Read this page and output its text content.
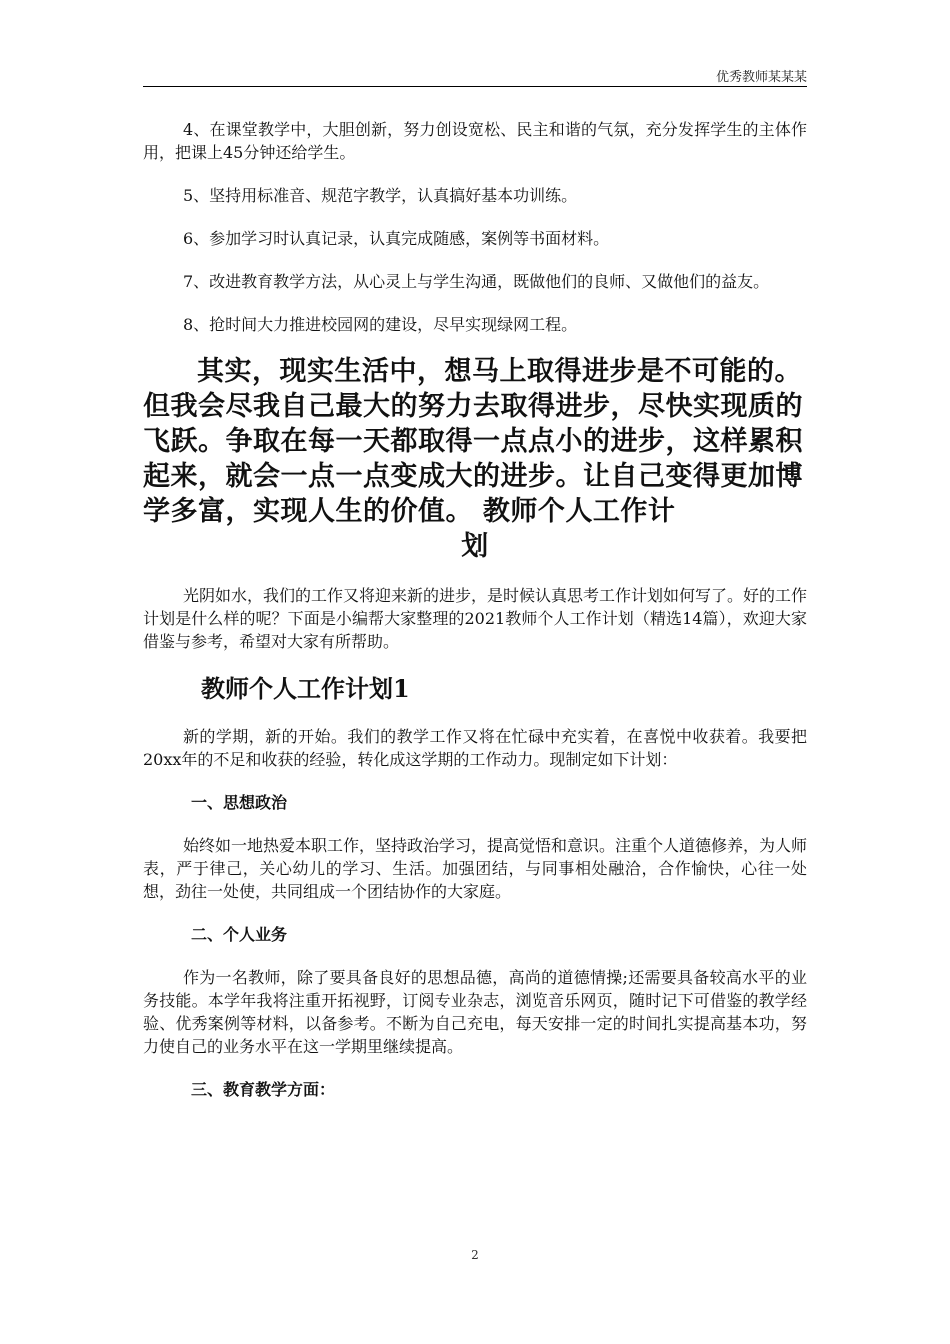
优秀教师某某某

4、在课堂教学中，大胆创新，努力创设宽松、民主和谐的气氛，充分发挥学生的主体作用，把课上45分钟还给学生。

5、坚持用标准音、规范字教学，认真搞好基本功训练。

6、参加学习时认真记录，认真完成随感，案例等书面材料。

7、改进教育教学方法，从心灵上与学生沟通，既做他们的良师、又做他们的益友。

8、抢时间大力推进校园网的建设，尽早实现绿网工程。

其实，现实生活中，想马上取得进步是不可能的。但我会尽我自己最大的努力去取得进步，尽快实现质的飞跃。争取在每一天都取得一点点小的进步，这样累积起来，就会一点一点变成大的进步。让自己变得更加博学多富，实现人生的价值。 教师个人工作计
划

光阴如水，我们的工作又将迎来新的进步，是时候认真思考工作计划如何写了。好的工作计划是什么样的呢？下面是小编帮大家整理的2021教师个人工作计划（精选14篇），欢迎大家借鉴与参考，希望对大家有所帮助。

教师个人工作计划1

新的学期，新的开始。我们的教学工作又将在忙碌中充实着，在喜悦中收获着。我要把20xx年的不足和收获的经验，转化成这学期的工作动力。现制定如下计划：

一、思想政治

始终如一地热爱本职工作，坚持政治学习，提高觉悟和意识。注重个人道德修养，为人师表，严于律己，关心幼儿的学习、生活。加强团结，与同事相处融洽，合作愉快，心往一处想，劲往一处使，共同组成一个团结协作的大家庭。

二、个人业务

作为一名教师，除了要具备良好的思想品德，高尚的道德情操;还需要具备较高水平的业务技能。本学年我将注重开拓视野，订阅专业杂志，浏览音乐网页，随时记下可借鉴的教学经验、优秀案例等材料，以备参考。不断为自己充电，每天安排一定的时间扎实提高基本功，努力使自己的业务水平在这一学期里继续提高。

三、教育教学方面：
2
